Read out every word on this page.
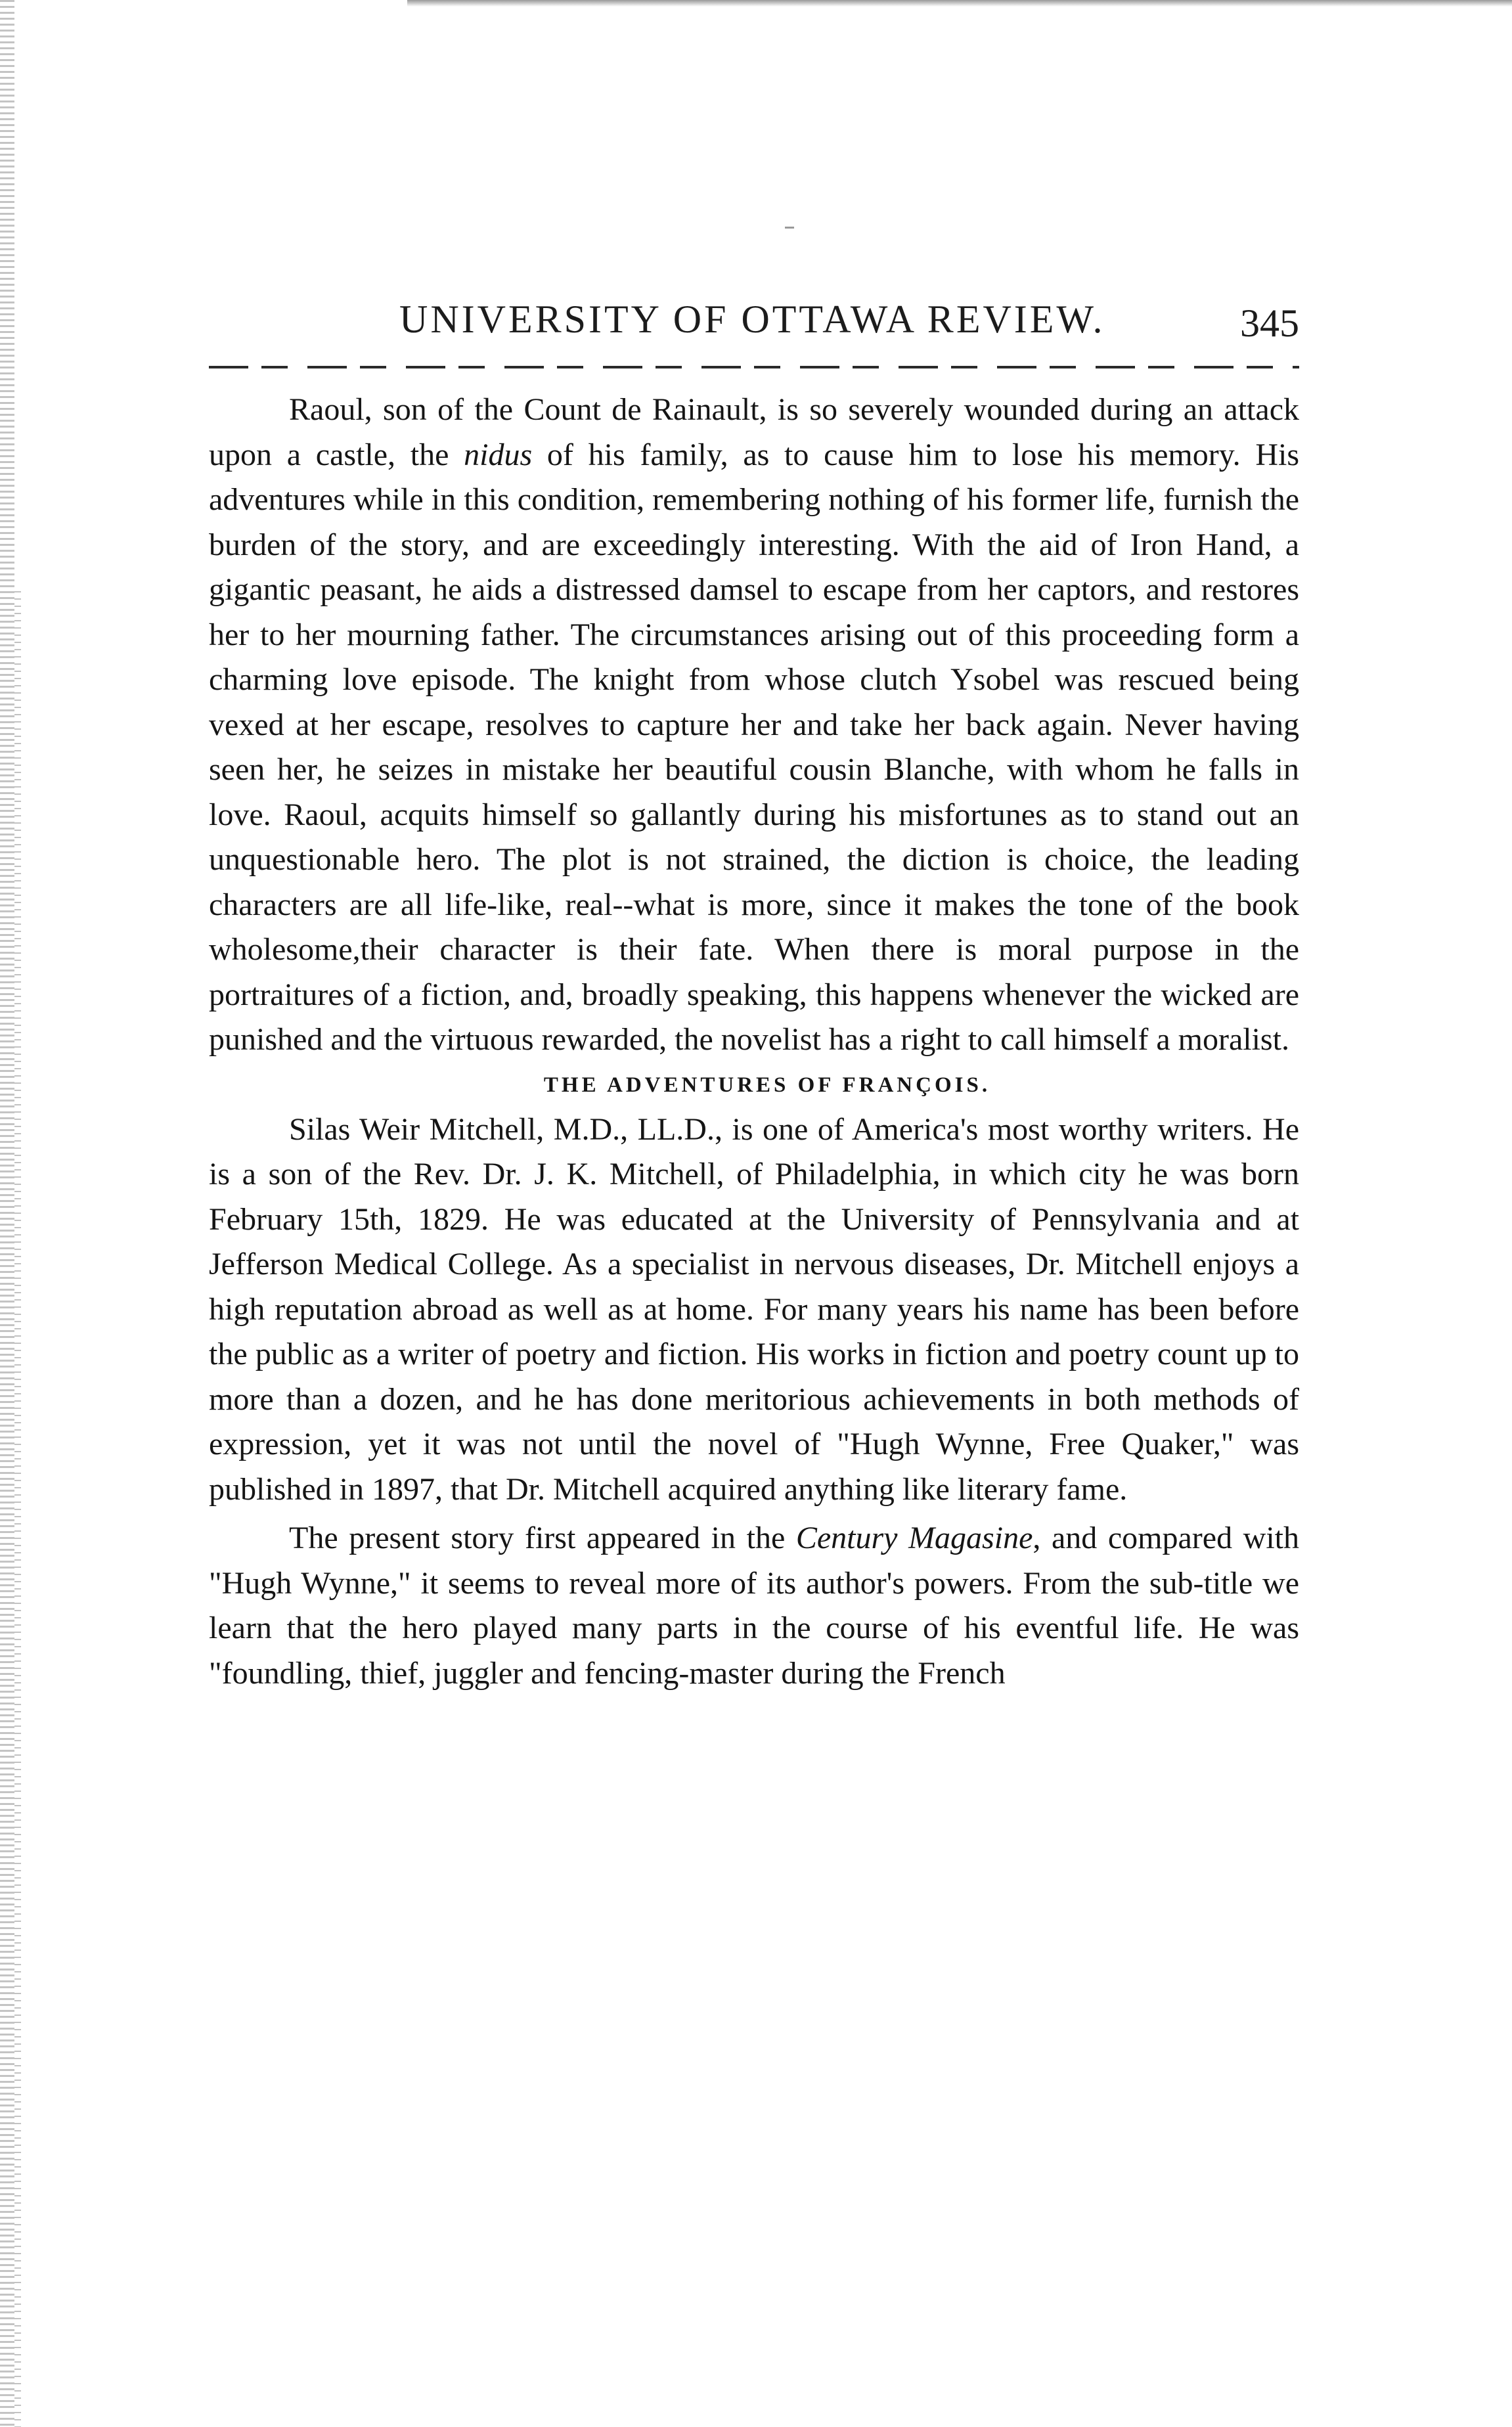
UNIVERSITY OF OTTAWA REVIEW.	345

Raoul, son of the Count de Rainault, is so severely wounded during an attack upon a castle, the nidus of his family, as to cause him to lose his memory. His adventures while in this condition, remembering nothing of his former life, furnish the burden of the story, and are exceedingly interesting. With the aid of Iron Hand, a gigantic peasant, he aids a distressed damsel to escape from her captors, and restores her to her mourning father. The circumstances arising out of this proceeding form a charming love episode. The knight from whose clutch Ysobel was rescued being vexed at her escape, resolves to capture her and take her back again. Never having seen her, he seizes in mistake her beautiful cousin Blanche, with whom he falls in love. Raoul, acquits himself so gallantly during his misfortunes as to stand out an unquestionable hero. The plot is not strained, the diction is choice, the leading characters are all life-like, real--what is more, since it makes the tone of the book wholesome,their character is their fate. When there is moral purpose in the portraitures of a fiction, and, broadly speaking, this happens whenever the wicked are punished and the virtuous rewarded, the novelist has a right to call himself a moralist.

THE ADVENTURES OF FRANÇOIS.

Silas Weir Mitchell, M.D., LL.D., is one of America's most worthy writers. He is a son of the Rev. Dr. J. K. Mitchell, of Philadelphia, in which city he was born February 15th, 1829. He was educated at the University of Pennsylvania and at Jefferson Medical College. As a specialist in nervous diseases, Dr. Mitchell enjoys a high reputation abroad as well as at home. For many years his name has been before the public as a writer of poetry and fiction. His works in fiction and poetry count up to more than a dozen, and he has done meritorious achievements in both methods of expression, yet it was not until the novel of "Hugh Wynne, Free Quaker," was published in 1897, that Dr. Mitchell acquired anything like literary fame.

The present story first appeared in the Century Magasine, and compared with "Hugh Wynne," it seems to reveal more of its author's powers. From the sub-title we learn that the hero played many parts in the course of his eventful life. He was "foundling, thief, juggler and fencing-master during the French
